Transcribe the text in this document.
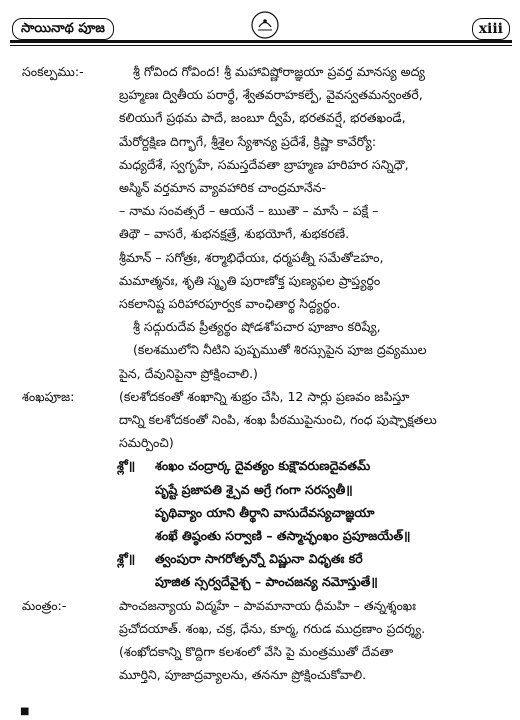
సాయినాథ పూజ	xiii
సంకల్పము:-	శ్రీ గోవింద గోవింద! శ్రీ మహావిష్ణోరాజ్ఞయా ప్రవర్త మానస్య అద్య
బ్రహ్మణః ద్వితీయ పరార్థే, శ్వేతవరాహకల్పే, వైవస్వతమన్వంతరే,
కలియుగే ప్రథమ పాదే, జంబూ ద్వీపే, భరతవర్షే, భరతఖండే,
మేరోర్దక్షిణ దిగ్భాగే, శ్రీశైల స్యేశాన్య ప్రదేశే, క్రిష్ణా కావేర్యో:
మధ్యదేశే, స్వగృహే, సమస్తదేవతా బ్రాహ్మణ హరిహర సన్నిధౌ,
అస్మిన్ వర్తమాన వ్యావహారిక చాంద్రమానేన-
– నామ సంవత్సరే – ఆయనే – ఋతౌ – మాసే – పక్షే –
తిథౌ – వాసరే, శుభనక్షత్రే, శుభయోగే, శుభకరణే.
శ్రీమాన్ – సగోత్రః, శర్మాభిధేయః, ధర్మపత్నీ సమేతో౽హం,
మమాత్మనః, శృతి స్మృతి పురాణోక్త పుణ్యఫల ప్రాప్త్యర్థం
సకలానిష్ట పరిహారపూర్వక వాంఛితార్థ సిద్ధ్యర్థం.
శ్రీ సద్గురుదేవ ప్రీత్యర్థం షోడశోపచార పూజాం కరిష్యే,
(కలశములోని నీటిని పుష్పముతో శిరస్సుపైన పూజ ద్రవ్యముల
పైన, దేవునిపైనా ప్రోక్షించాలి.)
శంఖపూజ:	(కలశోదకంతో శంఖాన్ని శుభ్రం చేసి, 12 సార్లు ప్రణవం జపిస్తూ
దాన్ని కలశోదకంతో నింపి, శంఖ పీఠముపైనుంచి, గంధ పుష్పాక్షతలు
సమర్పించి)
శ్లో॥	శంఖం చంద్రార్క దైవత్యం కుక్షౌవరుణదైవతమ్
పృష్టే ప్రజాపతి శ్చైవ అగ్రే గంగా సరస్వతీ॥
పృథివ్యాం యాని తీర్థాని వాసుదేవస్యచాజ్ఞయా
శంఖే తిష్ఠంతు సర్వాణి – తస్మాచ్ఛంఖం ప్రపూజయేత్॥
శ్లో॥	త్వంపురా సాగరోత్పన్నో విష్ణునా విధృతః కరే
పూజిత స్సర్వదేవైశ్చ – పాంచజన్య నమోస్తుతే॥
మంత్రం:-	పాంచజన్యాయ విద్మహే – పావమానాయ ధీమహి – తన్నశ్శంఖః
ప్రచోదయాత్. శంఖ, చక్ర, ధేను, కూర్మ, గరుడ ముద్రణాం ప్రదర్శ్య.
(శంఖోదకాన్ని కొద్దిగా కలశంలో వేసి పై మంత్రముతో దేవతా
మూర్తిని, పూజాద్రవ్యాలను, తననూ ప్రోక్షించుకోవాలి.
■
